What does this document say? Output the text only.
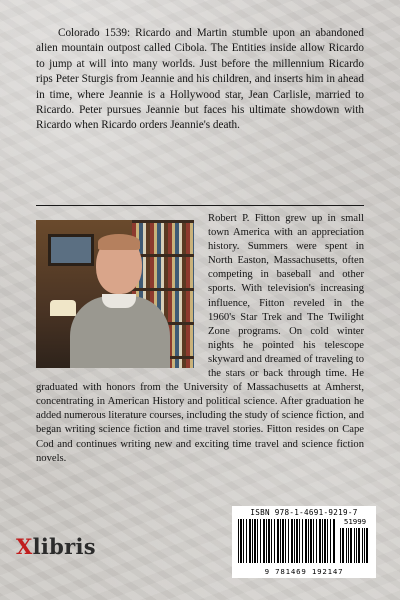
Colorado 1539: Ricardo and Martin stumble upon an abandoned alien mountain outpost called Cibola. The Entities inside allow Ricardo to jump at will into many worlds. Just before the millennium Ricardo rips Peter Sturgis from Jeannie and his children, and inserts him in ahead in time, where Jeannie is a Hollywood star, Jean Carlisle, married to Ricardo. Peter pursues Jeannie but faces his ultimate showdown with Ricardo when Ricardo orders Jeannie's death.

Robert P. Fitton grew up in small town America with an appreciation history. Summers were spent in North Easton, Massachusetts, often competing in baseball and other sports. With television's increasing influence, Fitton reveled in the 1960's Star Trek and The Twilight Zone programs. On cold winter nights he pointed his telescope skyward and dreamed of traveling to the stars or back through time. He graduated with honors from the University of Massachusetts at Amherst, concentrating in American History and political science. After graduation he added numerous literature courses, including the study of science fiction, and began writing science fiction and time travel stories. Fitton resides on Cape Cod and continues writing new and exciting time travel and science fiction novels.
ISBN 978-1-4691-9219-7
51999
9 781469 192147
Xlibris
